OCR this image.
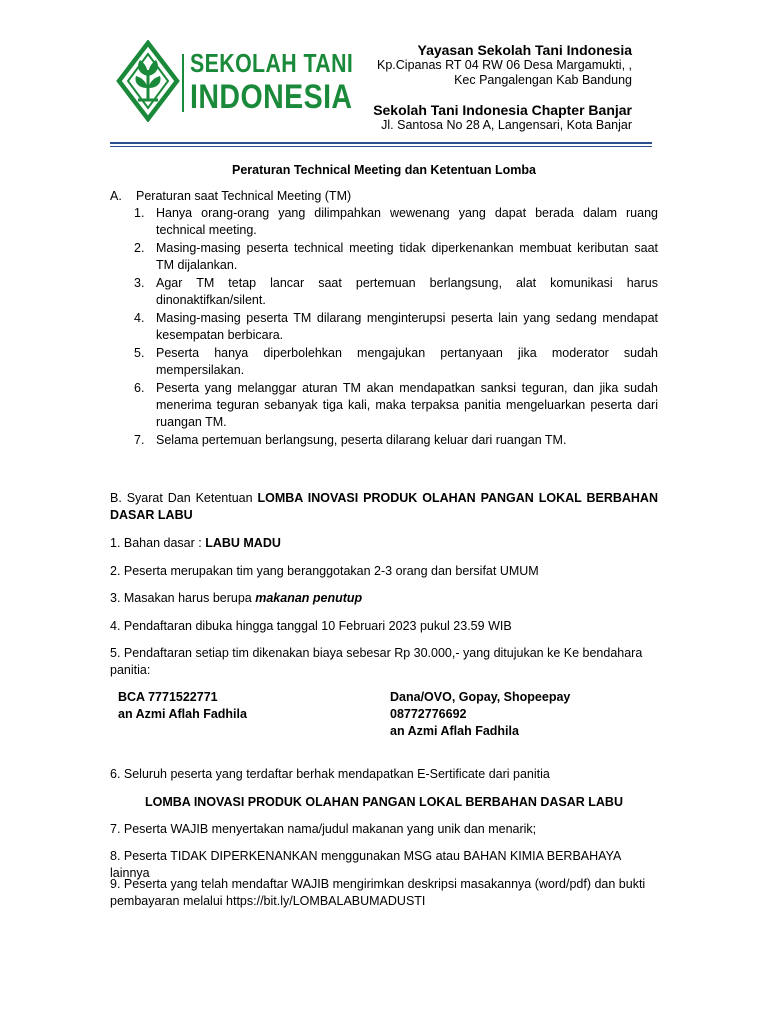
SEKOLAH TANI
INDONESIA
Yayasan Sekolah Tani Indonesia
Kp.Cipanas RT 04 RW 06 Desa Margamukti, ,
Kec Pangalengan Kab Bandung
Sekolah Tani Indonesia Chapter Banjar
Jl. Santosa No 28 A, Langensari, Kota Banjar
Peraturan Technical Meeting dan Ketentuan Lomba
A.	Peraturan saat Technical Meeting (TM)
1. Hanya orang-orang yang dilimpahkan wewenang yang dapat berada dalam ruang technical meeting.
2. Masing-masing peserta technical meeting tidak diperkenankan membuat keributan saat TM dijalankan.
3. Agar TM tetap lancar saat pertemuan berlangsung, alat komunikasi harus dinonaktifkan/silent.
4. Masing-masing peserta TM dilarang menginterupsi peserta lain yang sedang mendapat kesempatan berbicara.
5. Peserta hanya diperbolehkan mengajukan pertanyaan jika moderator sudah mempersilakan.
6. Peserta yang melanggar aturan TM akan mendapatkan sanksi teguran, dan jika sudah menerima teguran sebanyak tiga kali, maka terpaksa panitia mengeluarkan peserta dari ruangan TM.
7. Selama pertemuan berlangsung, peserta dilarang keluar dari ruangan TM.
B. Syarat Dan Ketentuan LOMBA INOVASI PRODUK OLAHAN PANGAN LOKAL BERBAHAN DASAR LABU
1. Bahan dasar : LABU MADU
2. Peserta merupakan tim yang beranggotakan 2-3 orang dan bersifat UMUM
3. Masakan harus berupa makanan penutup
4. Pendaftaran dibuka hingga tanggal 10 Februari 2023 pukul 23.59 WIB
5. Pendaftaran setiap tim dikenakan biaya sebesar Rp 30.000,- yang ditujukan ke Ke bendahara panitia:
BCA 7771522771
an Azmi Aflah Fadhila
Dana/OVO, Gopay, Shopeepay
08772776692
an Azmi Aflah Fadhila
6. Seluruh peserta yang terdaftar berhak mendapatkan E-Sertificate dari panitia
LOMBA INOVASI PRODUK OLAHAN PANGAN LOKAL BERBAHAN DASAR LABU
7. Peserta WAJIB menyertakan nama/judul makanan yang unik dan menarik;
8. Peserta TIDAK DIPERKENANKAN menggunakan MSG atau BAHAN KIMIA BERBAHAYA lainnya
9. Peserta yang telah mendaftar WAJIB mengirimkan deskripsi masakannya (word/pdf) dan bukti pembayaran melalui https://bit.ly/LOMBALABUMADUSTI
